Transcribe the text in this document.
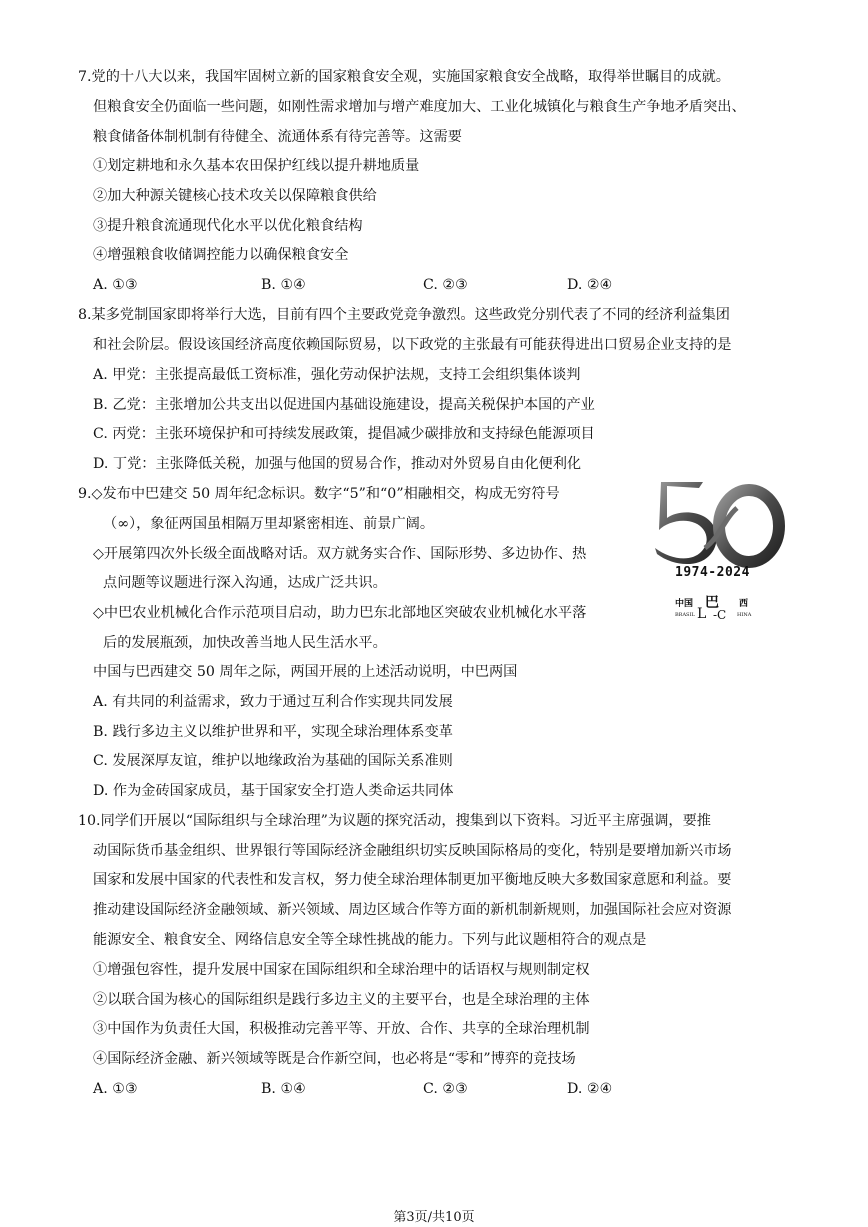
7.党的十八大以来，我国牢固树立新的国家粮食安全观，实施国家粮食安全战略，取得举世瞩目的成就。
但粮食安全仍面临一些问题，如刚性需求增加与增产难度加大、工业化城镇化与粮食生产争地矛盾突出、
粮食储备体制机制有待健全、流通体系有待完善等。这需要
①划定耕地和永久基本农田保护红线以提升耕地质量
②加大种源关键核心技术攻关以保障粮食供给
③提升粮食流通现代化水平以优化粮食结构
④增强粮食收储调控能力以确保粮食安全
A. ①③	B. ①④	C. ②③	D. ②④
8.某多党制国家即将举行大选，目前有四个主要政党竞争激烈。这些政党分别代表了不同的经济利益集团
和社会阶层。假设该国经济高度依赖国际贸易，以下政党的主张最有可能获得进出口贸易企业支持的是
A. 甲党：主张提高最低工资标准，强化劳动保护法规，支持工会组织集体谈判
B. 乙党：主张增加公共支出以促进国内基础设施建设，提高关税保护本国的产业
C. 丙党：主张环境保护和可持续发展政策，提倡减少碳排放和支持绿色能源项目
D. 丁党：主张降低关税，加强与他国的贸易合作，推动对外贸易自由化便利化
9.◇发布中巴建交 50 周年纪念标识。数字“5”和“0”相融相交，构成无穷符号
（∞），象征两国虽相隔万里却紧密相连、前景广阔。
◇开展第四次外长级全面战略对话。双方就务实合作、国际形势、多边协作、热
点问题等议题进行深入沟通，达成广泛共识。
◇中巴农业机械化合作示范项目启动，助力巴东北部地区突破农业机械化水平落
后的发展瓶颈，加快改善当地人民生活水平。
中国与巴西建交 50 周年之际，两国开展的上述活动说明，中巴两国
A. 有共同的利益需求，致力于通过互利合作实现共同发展
B. 践行多边主义以维护世界和平，实现全球治理体系变革
C. 发展深厚友谊，维护以地缘政治为基础的国际关系准则
D. 作为金砖国家成员，基于国家安全打造人类命运共同体
1974-2024
中国 巴 西
BRASIL L -C HINA
10.同学们开展以“国际组织与全球治理”为议题的探究活动，搜集到以下资料。习近平主席强调，要推
动国际货币基金组织、世界银行等国际经济金融组织切实反映国际格局的变化，特别是要增加新兴市场
国家和发展中国家的代表性和发言权，努力使全球治理体制更加平衡地反映大多数国家意愿和利益。要
推动建设国际经济金融领域、新兴领域、周边区域合作等方面的新机制新规则，加强国际社会应对资源
能源安全、粮食安全、网络信息安全等全球性挑战的能力。下列与此议题相符合的观点是
①增强包容性，提升发展中国家在国际组织和全球治理中的话语权与规则制定权
②以联合国为核心的国际组织是践行多边主义的主要平台，也是全球治理的主体
③中国作为负责任大国，积极推动完善平等、开放、合作、共享的全球治理机制
④国际经济金融、新兴领域等既是合作新空间，也必将是“零和”博弈的竞技场
A. ①③	B. ①④	C. ②③	D. ②④
第3页/共10页
